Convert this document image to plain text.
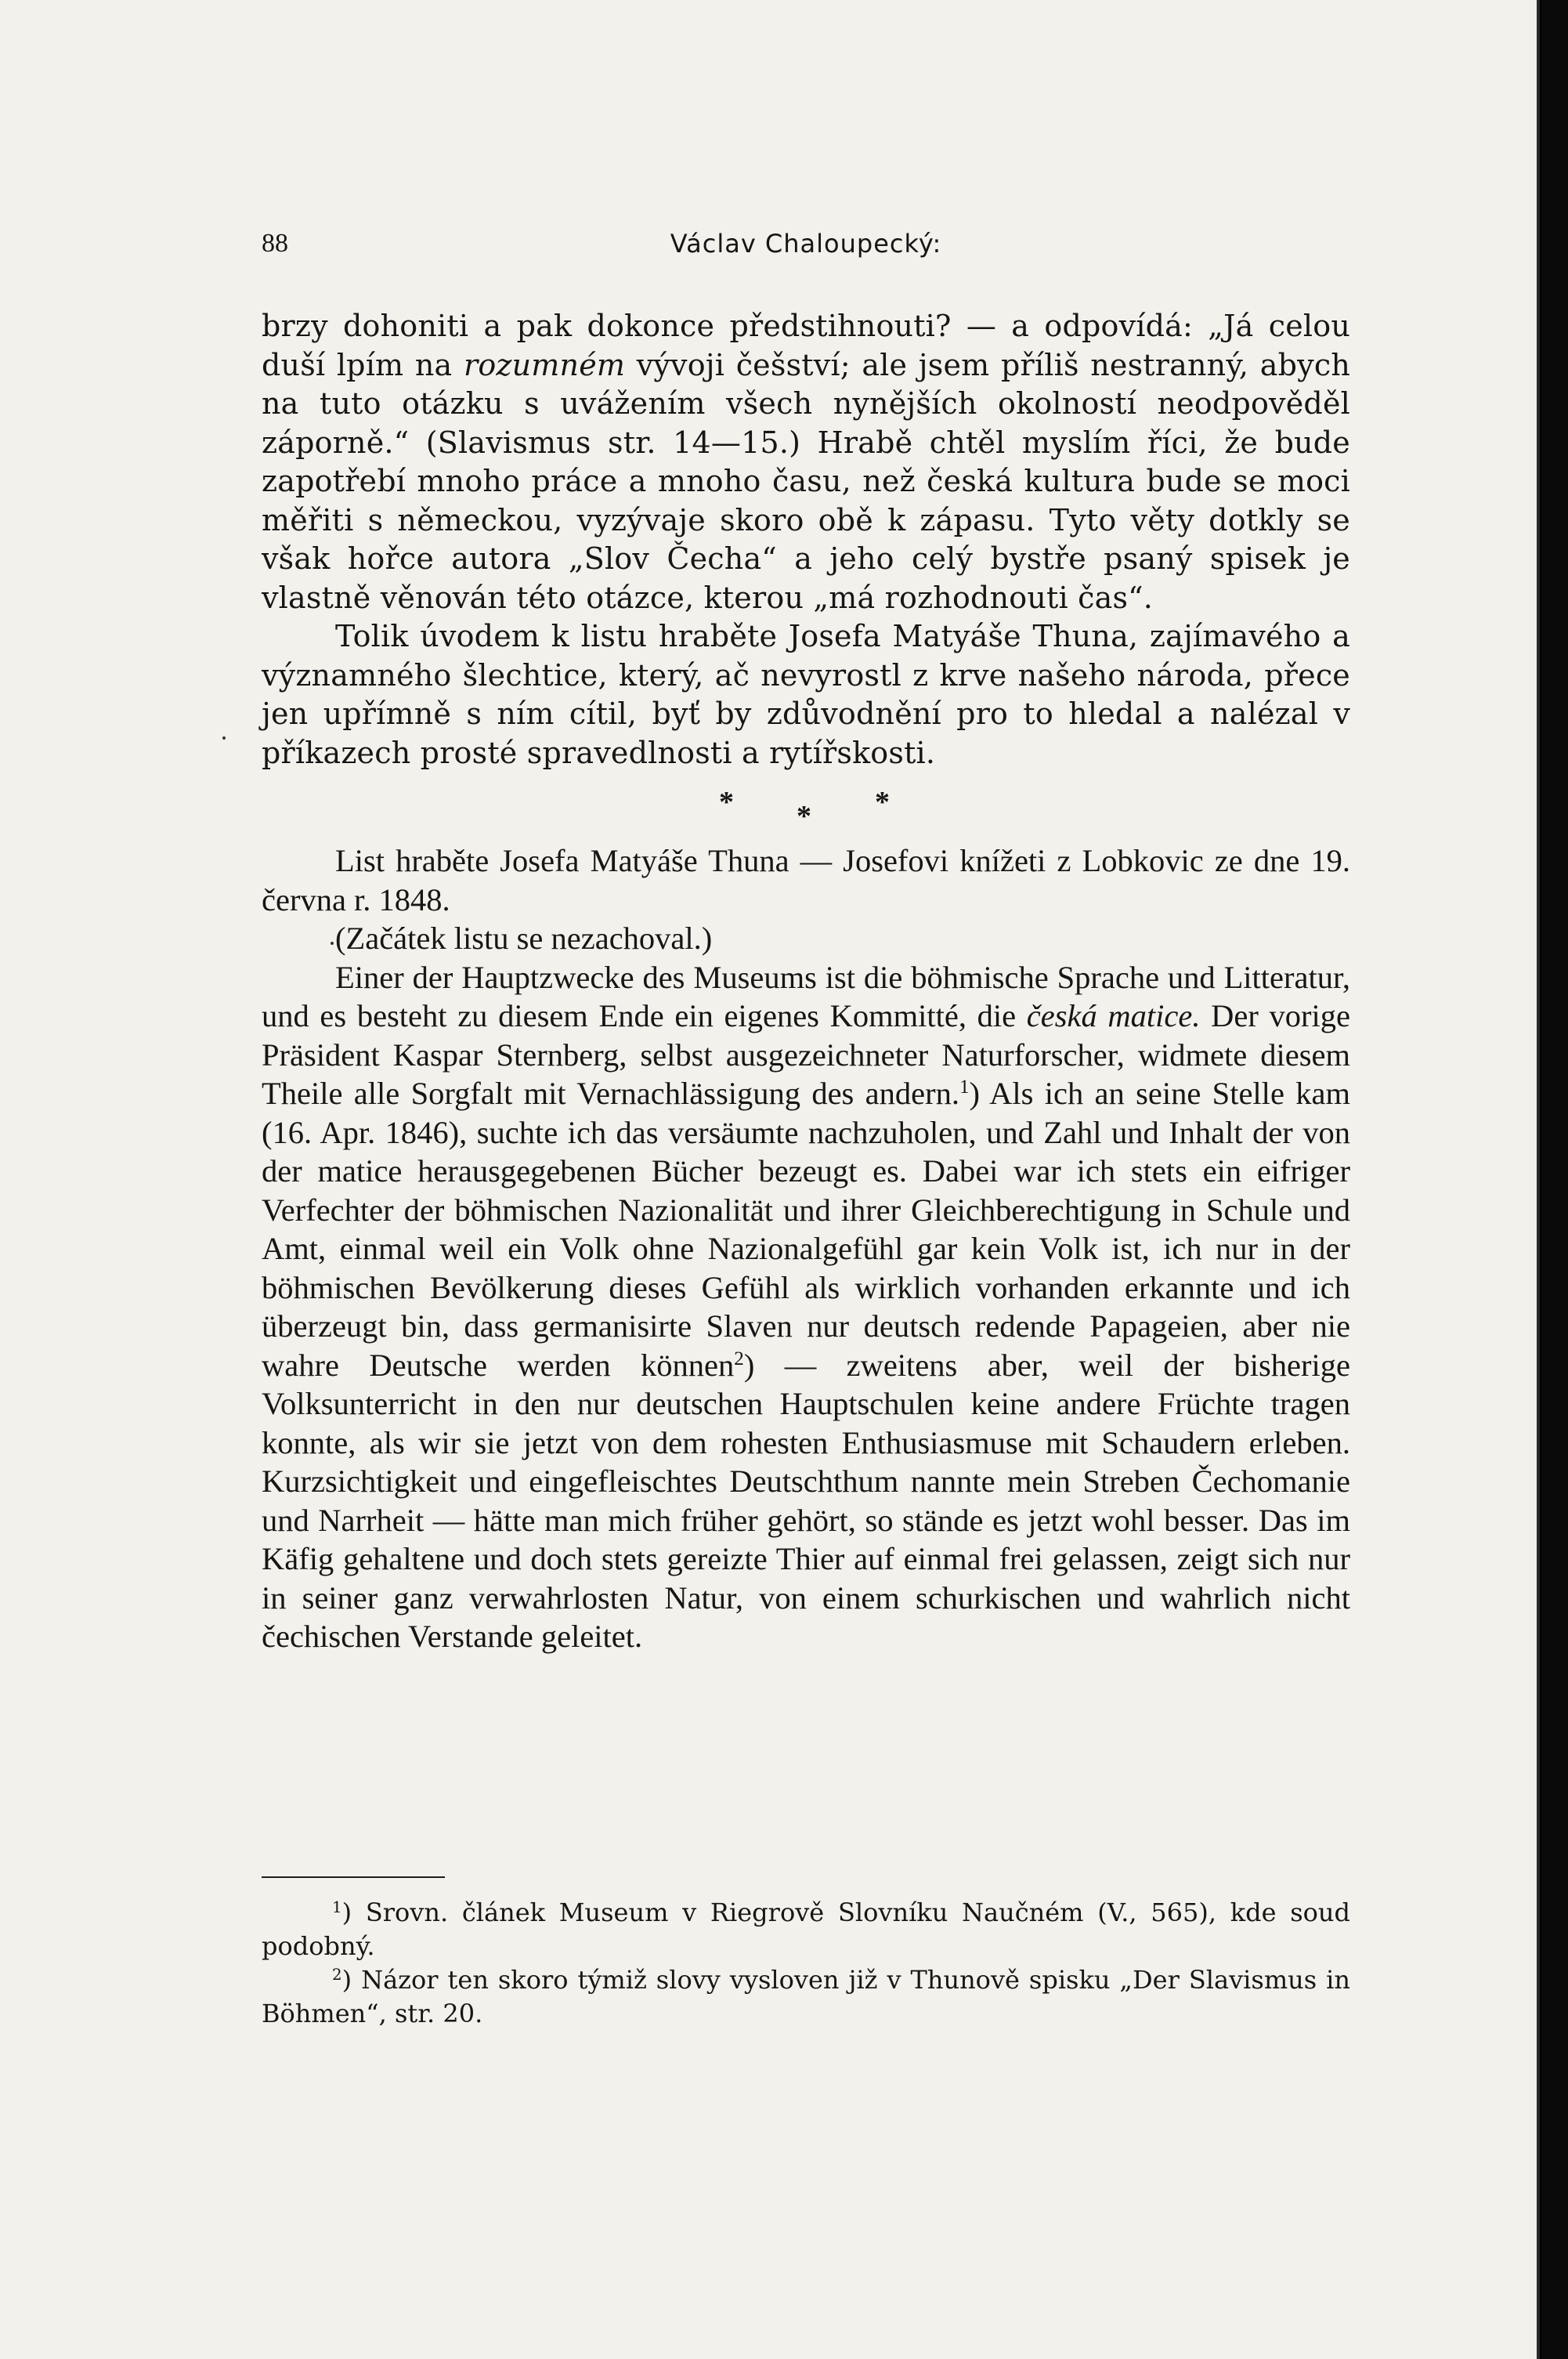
88	Václav Chaloupecký:

brzy dohoniti a pak dokonce předstihnouti? — a odpovídá: „Já celou duší lpím na rozumném vývoji češství; ale jsem příliš nestranný, abych na tuto otázku s uvážením všech nynějších okolností neodpověděl záporně.“ (Slavismus str. 14—15.) Hrabě chtěl myslím říci, že bude zapotřebí mnoho práce a mnoho času, než česká kultura bude se moci měřiti s německou, vyzývaje skoro obě k zápasu. Tyto věty dotkly se však hořce autora „Slov Čecha“ a jeho celý bystře psaný spisek je vlastně věnován této otázce, kterou „má rozhodnouti čas“.

Tolik úvodem k listu hraběte Josefa Matyáše Thuna, zajímavého a významného šlechtice, který, ač nevyrostl z krve našeho národa, přece jen upřímně s ním cítil, byť by zdůvodnění pro to hledal a nalézal v příkazech prosté spravedlnosti a rytířskosti.

* * *

List hraběte Josefa Matyáše Thuna — Josefovi knížeti z Lobkovic ze dne 19. června r. 1848.

(Začátek listu se nezachoval.)

Einer der Hauptzwecke des Museums ist die böhmische Sprache und Litteratur, und es besteht zu diesem Ende ein eigenes Kommitté, die česká matice. Der vorige Präsident Kaspar Sternberg, selbst ausgezeichneter Naturforscher, widmete diesem Theile alle Sorgfalt mit Vernachlässigung des andern.$^1$) Als ich an seine Stelle kam (16. Apr. 1846), suchte ich das versäumte nachzuholen, und Zahl und Inhalt der von der matice herausgegebenen Bücher bezeugt es. Dabei war ich stets ein eifriger Verfechter der böhmischen Nazionalität und ihrer Gleichberechtigung in Schule und Amt, einmal weil ein Volk ohne Nazionalgefühl gar kein Volk ist, ich nur in der böhmischen Bevölkerung dieses Gefühl als wirklich vorhanden erkannte und ich überzeugt bin, dass germanisirte Slaven nur deutsch redende Papageien, aber nie wahre Deutsche werden können$^2$) — zweitens aber, weil der bisherige Volksunterricht in den nur deutschen Hauptschulen keine andere Früchte tragen konnte, als wir sie jetzt von dem rohesten Enthusiasmuse mit Schaudern erleben. Kurzsichtigkeit und eingefleischtes Deutschthum nannte mein Streben Čechomanie und Narrheit — hätte man mich früher gehört, so stände es jetzt wohl besser. Das im Käfig gehaltene und doch stets gereizte Thier auf einmal frei gelassen, zeigt sich nur in seiner ganz verwahrlosten Natur, von einem schurkischen und wahrlich nicht čechischen Verstande geleitet.

$^1$) Srovn. článek Museum v Riegrově Slovníku Naučném (V., 565), kde soud podobný.

$^2$) Názor ten skoro týmiž slovy vysloven již v Thunově spisku „Der Slavismus in Böhmen“, str. 20.
